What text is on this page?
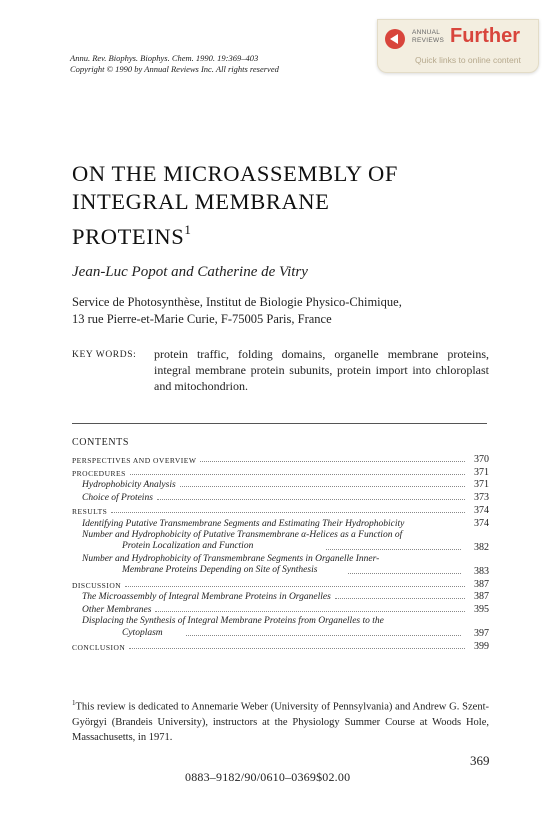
Annu. Rev. Biophys. Biophys. Chem. 1990. 19:369–403
Copyright © 1990 by Annual Reviews Inc. All rights reserved
ANNUAL
REVIEWS Further
Quick links to online content
ON THE MICROASSEMBLY OF
INTEGRAL MEMBRANE
PROTEINS$^1$
Jean-Luc Popot and Catherine de Vitry
Service de Photosynthèse, Institut de Biologie Physico-Chimique,
13 rue Pierre-et-Marie Curie, F-75005 Paris, France
KEY WORDS: protein traffic, folding domains, organelle membrane proteins, integral membrane protein subunits, protein import into chloroplast and mitochondrion.
CONTENTS
PERSPECTIVES AND OVERVIEW	370
PROCEDURES	371
Hydrophobicity Analysis	371
Choice of Proteins	373
RESULTS	374
Identifying Putative Transmembrane Segments and Estimating Their Hydrophobicity	374
Number and Hydrophobicity of Putative Transmembrane α-Helices as a Function of
Protein Localization and Function	382
Number and Hydrophobicity of Transmembrane Segments in Organelle Inner-
Membrane Proteins Depending on Site of Synthesis	383
DISCUSSION	387
The Microassembly of Integral Membrane Proteins in Organelles	387
Other Membranes	395
Displacing the Synthesis of Integral Membrane Proteins from Organelles to the
Cytoplasm	397
CONCLUSION	399
$^1$This review is dedicated to Annemarie Weber (University of Pennsylvania) and Andrew G. Szent-Györgyi (Brandeis University), instructors at the Physiology Summer Course at Woods Hole, Massachusetts, in 1971.
369
0883–9182/90/0610–0369$02.00
